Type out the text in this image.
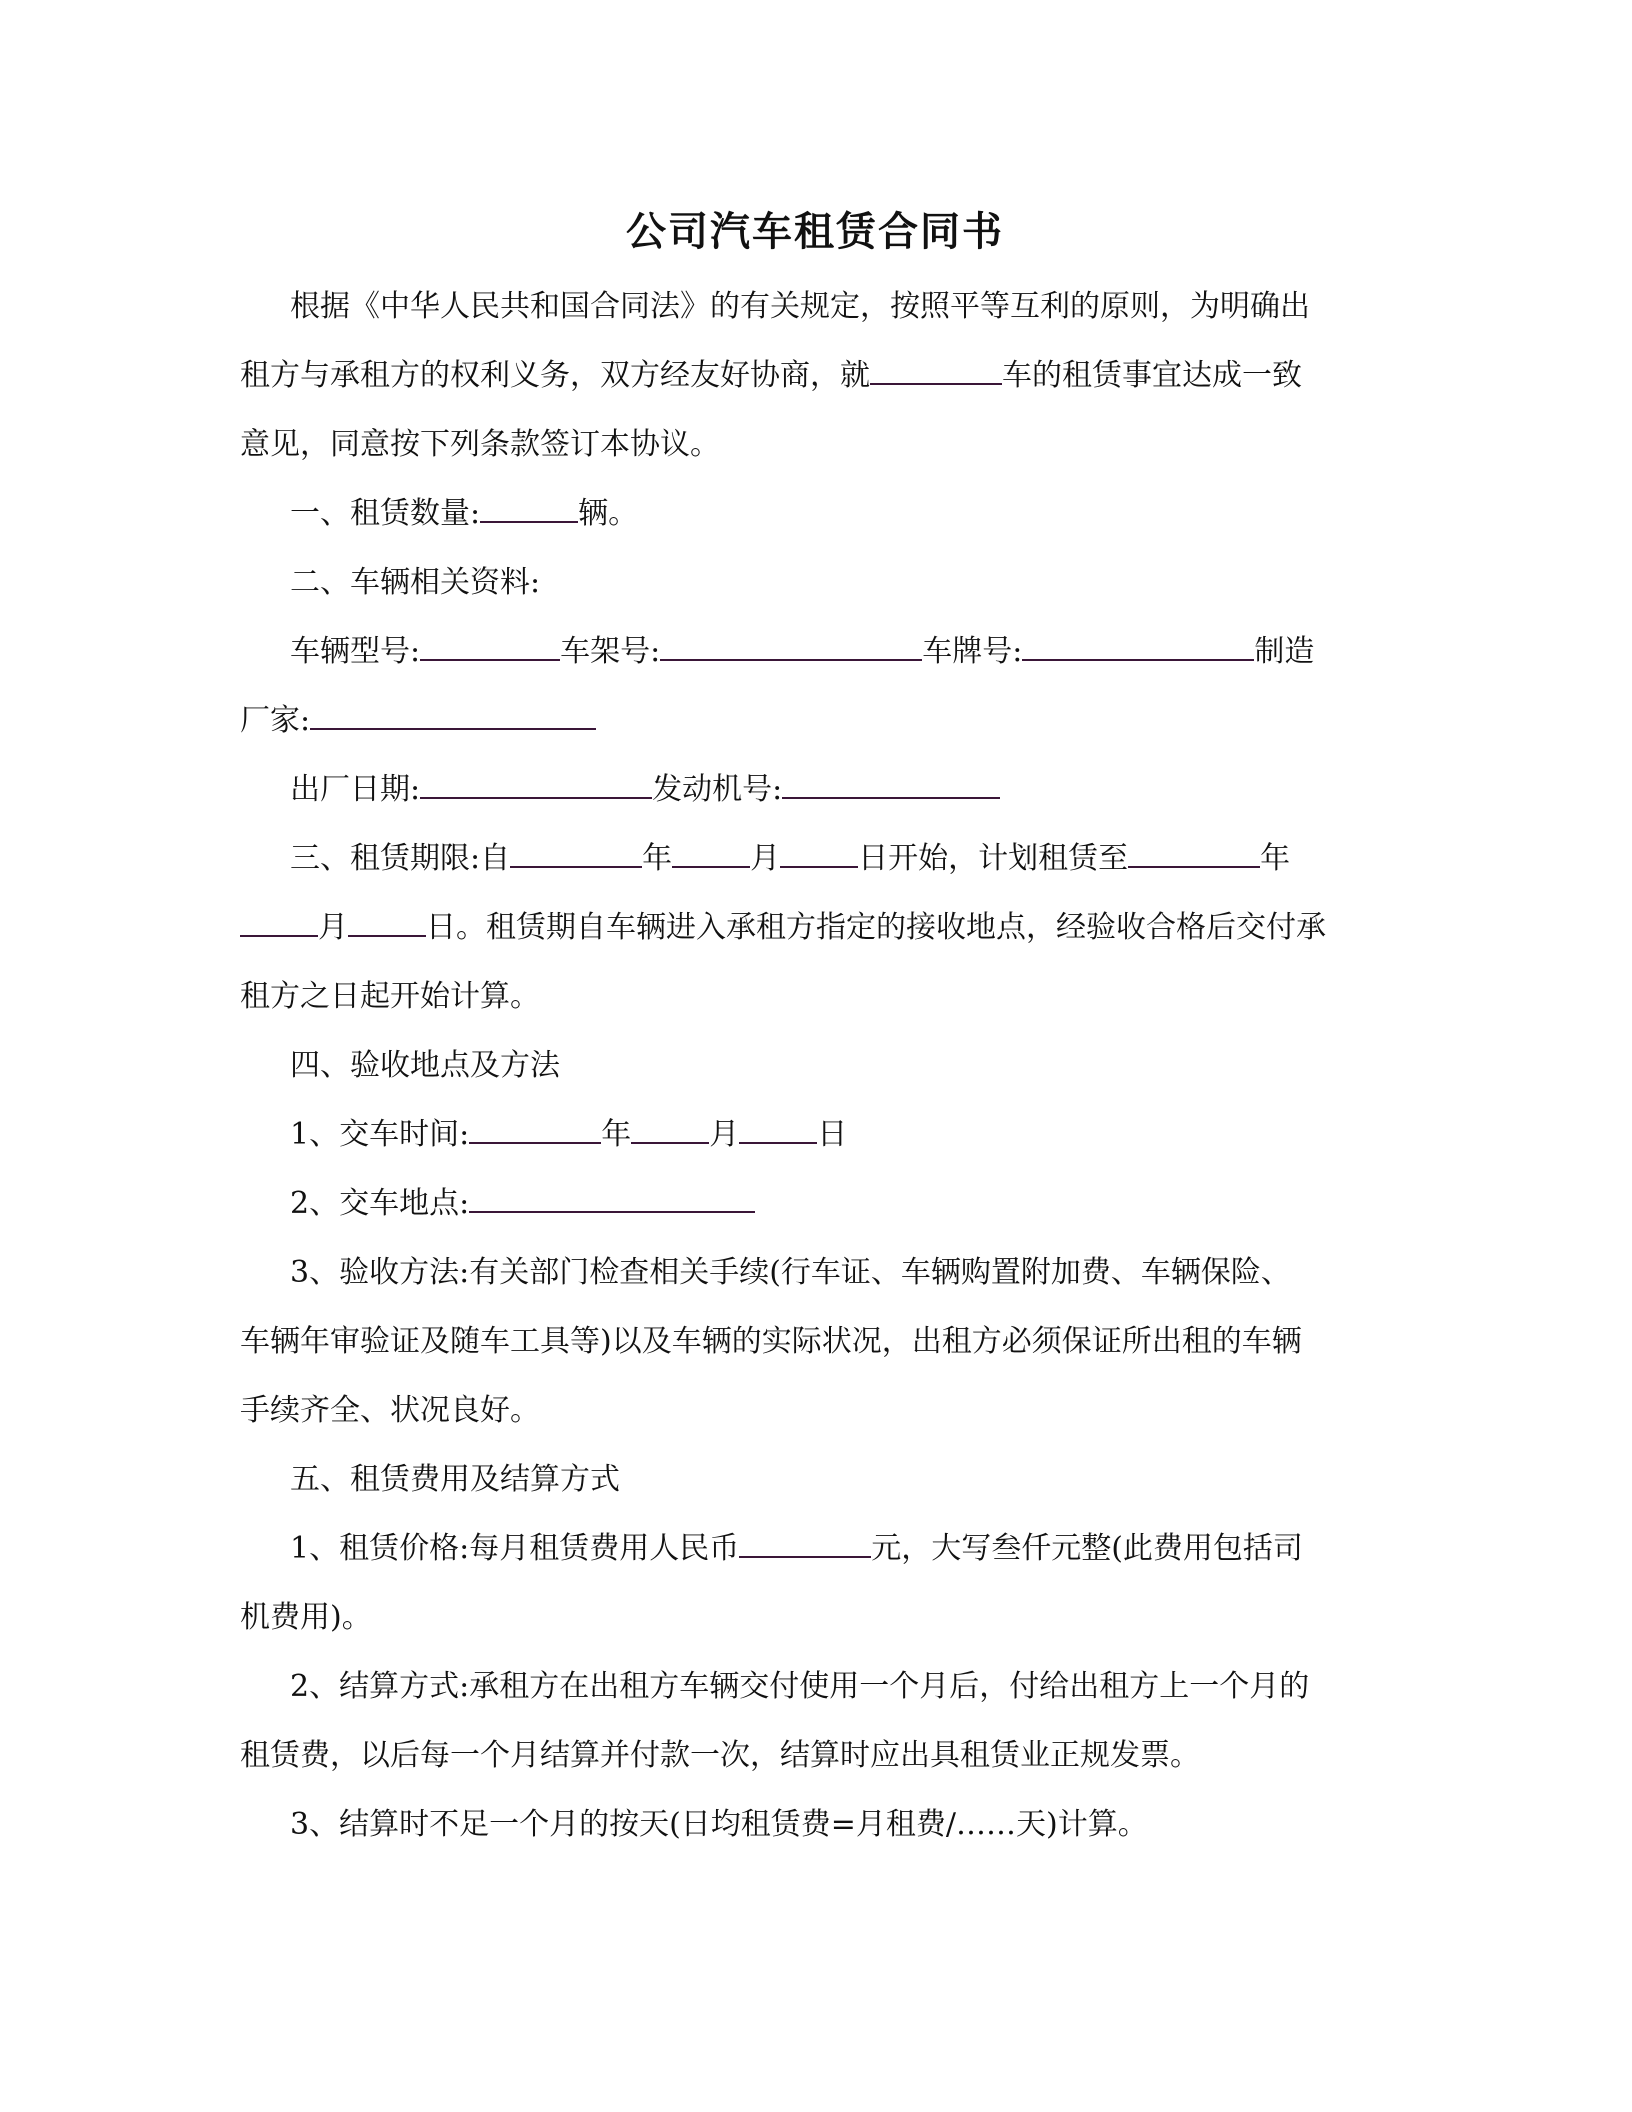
公司汽车租赁合同书
根据《中华人民共和国合同法》的有关规定，按照平等互利的原则，为明确出
租方与承租方的权利义务，双方经友好协商，就	车的租赁事宜达成一致
意见，同意按下列条款签订本协议。
一、租赁数量:	辆。
二、车辆相关资料:
车辆型号:	车架号:	车牌号:	制造
厂家:
出厂日期:	发动机号:
三、租赁期限:自	年	月	日开始，计划租赁至	年
月	日。租赁期自车辆进入承租方指定的接收地点，经验收合格后交付承
租方之日起开始计算。
四、验收地点及方法
1、交车时间:	年	月	日
2、交车地点:
3、验收方法:有关部门检查相关手续(行车证、车辆购置附加费、车辆保险、
车辆年审验证及随车工具等)以及车辆的实际状况，出租方必须保证所出租的车辆
手续齐全、状况良好。
五、租赁费用及结算方式
1、租赁价格:每月租赁费用人民币	元，大写叁仟元整(此费用包括司
机费用)。
2、结算方式:承租方在出租方车辆交付使用一个月后，付给出租方上一个月的
租赁费，以后每一个月结算并付款一次，结算时应出具租赁业正规发票。
3、结算时不足一个月的按天(日均租赁费=月租费/……天)计算。
